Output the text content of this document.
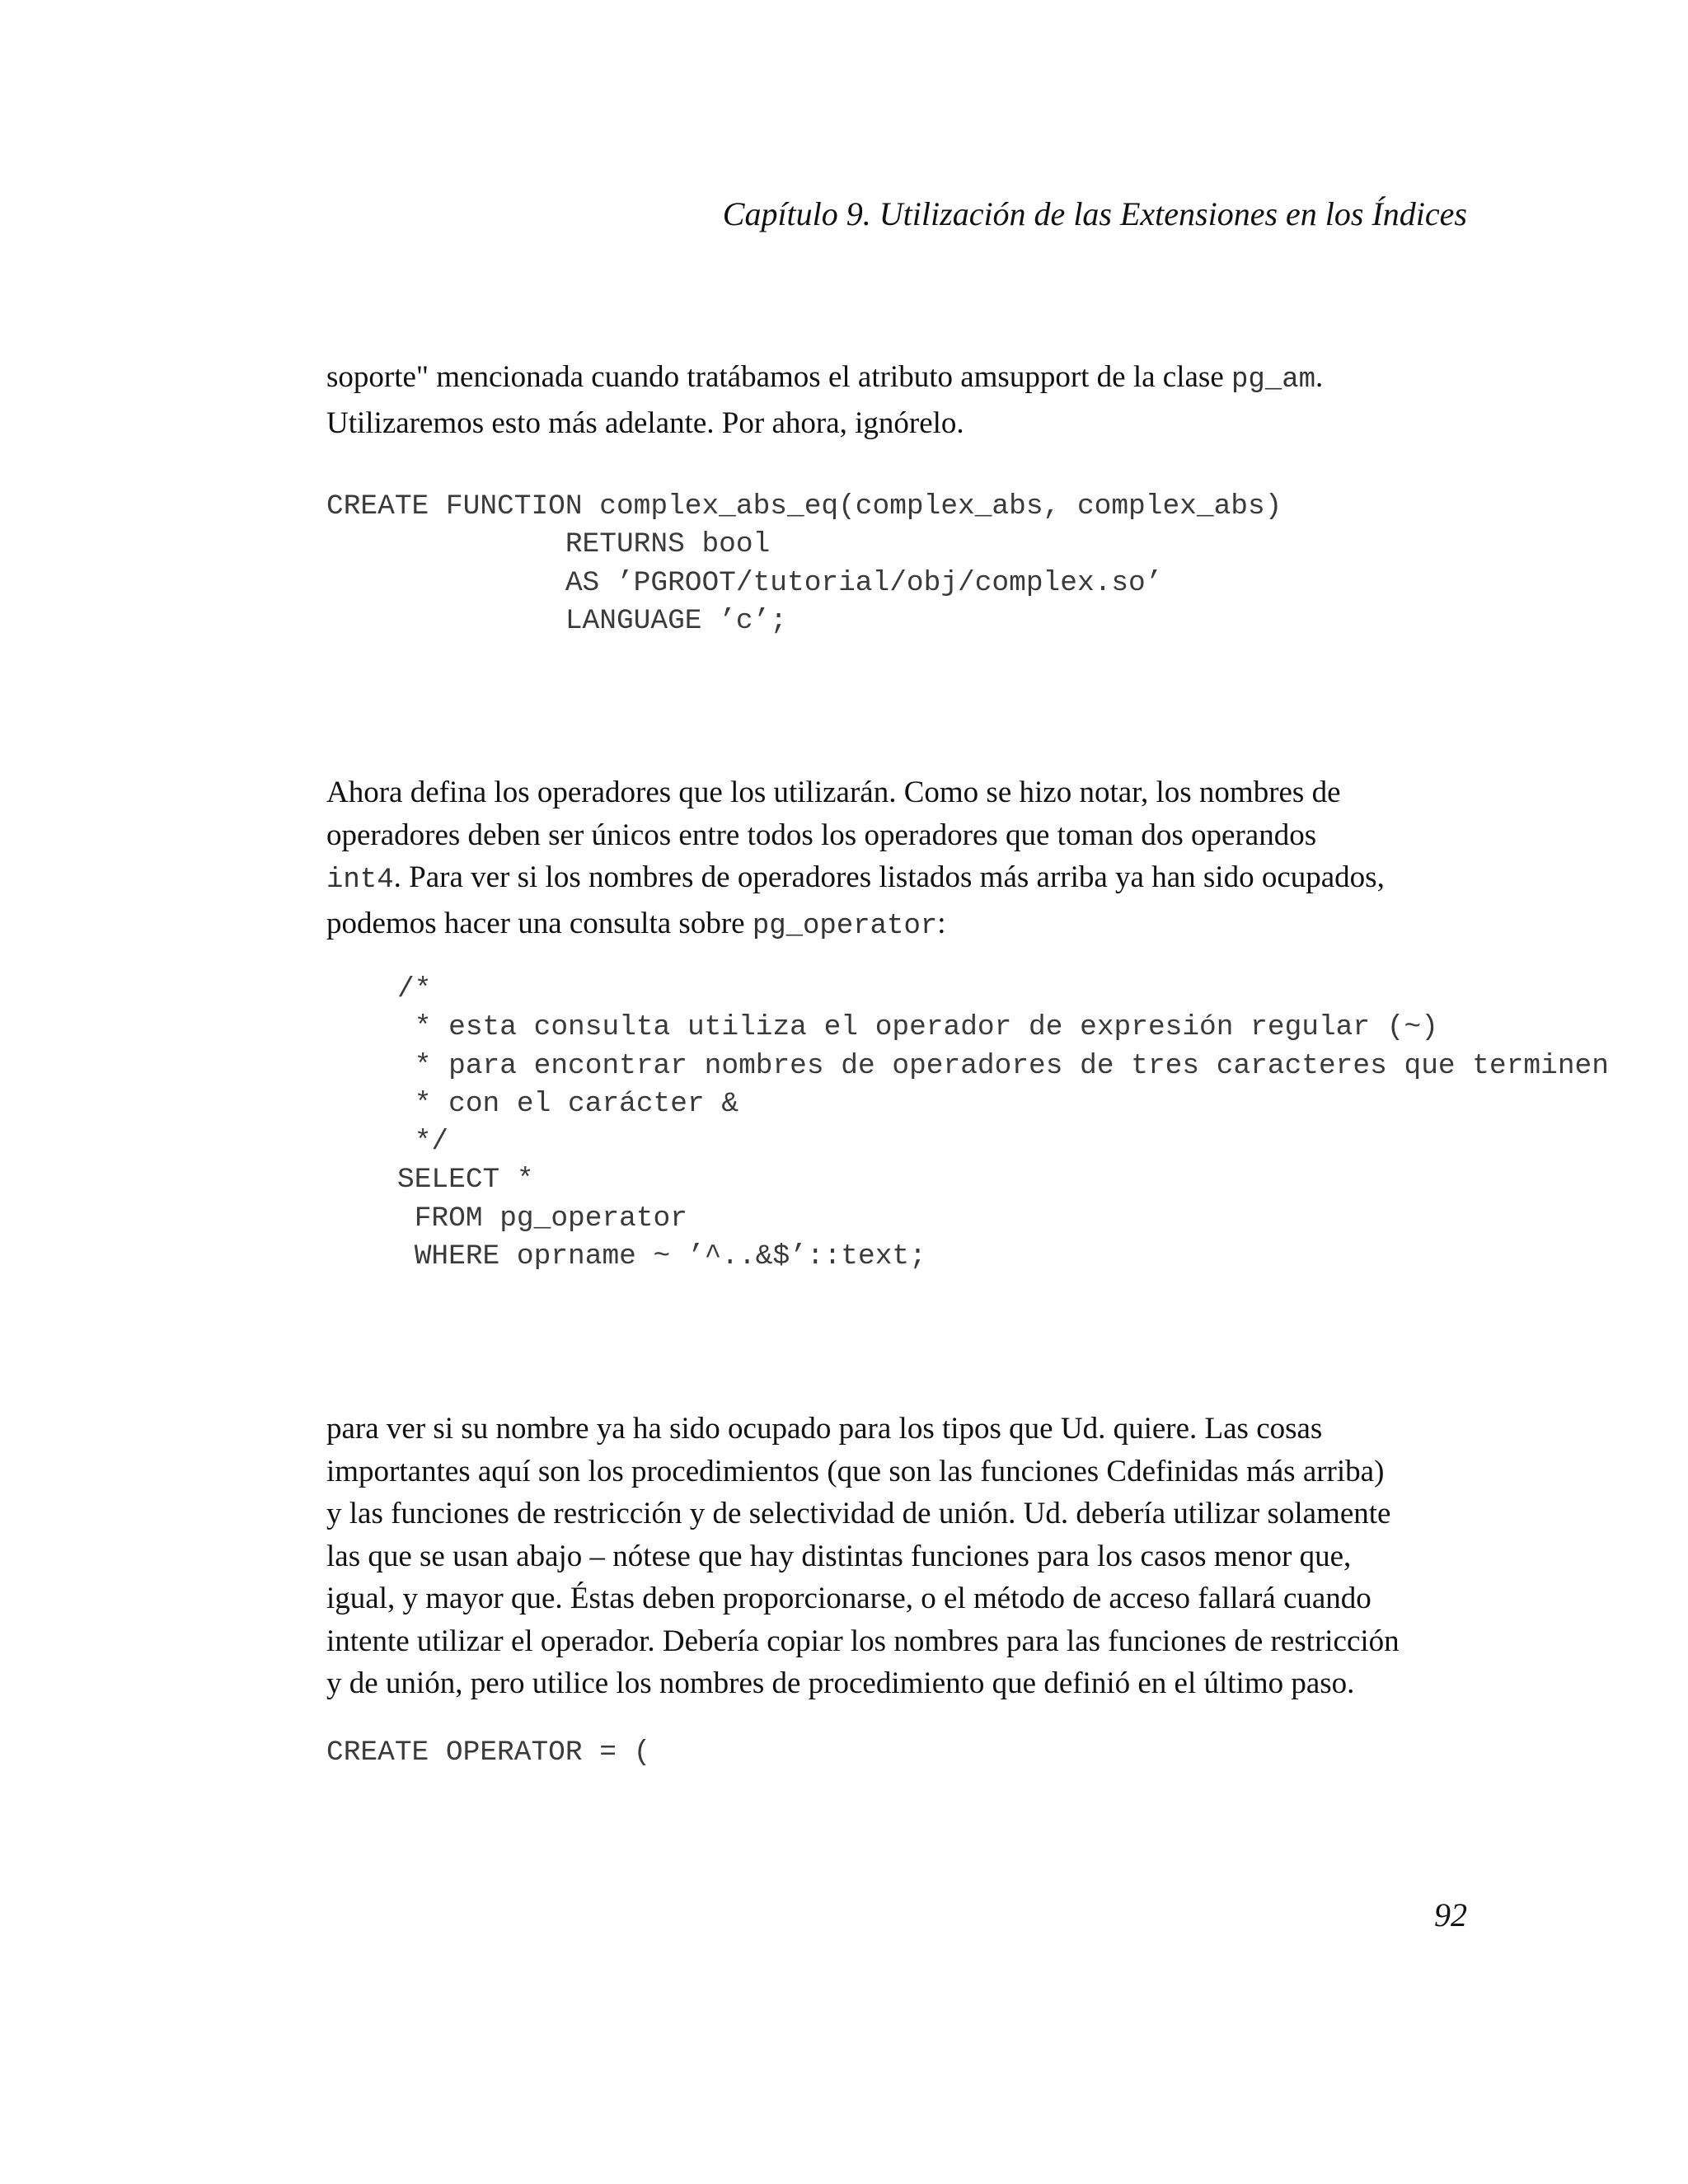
Capítulo 9. Utilización de las Extensiones en los Índices

soporte" mencionada cuando tratábamos el atributo amsupport de la clase pg_am.
Utilizaremos esto más adelante. Por ahora, ignórelo.

CREATE FUNCTION complex_abs_eq(complex_abs, complex_abs)
RETURNS bool
AS ’PGROOT/tutorial/obj/complex.so’
LANGUAGE ’c’;

Ahora defina los operadores que los utilizarán. Como se hizo notar, los nombres de
operadores deben ser únicos entre todos los operadores que toman dos operandos
int4. Para ver si los nombres de operadores listados más arriba ya han sido ocupados,
podemos hacer una consulta sobre pg_operator:

/*
* esta consulta utiliza el operador de expresión regular (~)
* para encontrar nombres de operadores de tres caracteres que terminen
* con el carácter &
*/
SELECT *
FROM pg_operator
WHERE oprname ~ ’^..&$’::text;

para ver si su nombre ya ha sido ocupado para los tipos que Ud. quiere. Las cosas
importantes aquí son los procedimientos (que son las funciones Cdefinidas más arriba)
y las funciones de restricción y de selectividad de unión. Ud. debería utilizar solamente
las que se usan abajo – nótese que hay distintas funciones para los casos menor que,
igual, y mayor que. Éstas deben proporcionarse, o el método de acceso fallará cuando
intente utilizar el operador. Debería copiar los nombres para las funciones de restricción
y de unión, pero utilice los nombres de procedimiento que definió en el último paso.

CREATE OPERATOR = (
92
